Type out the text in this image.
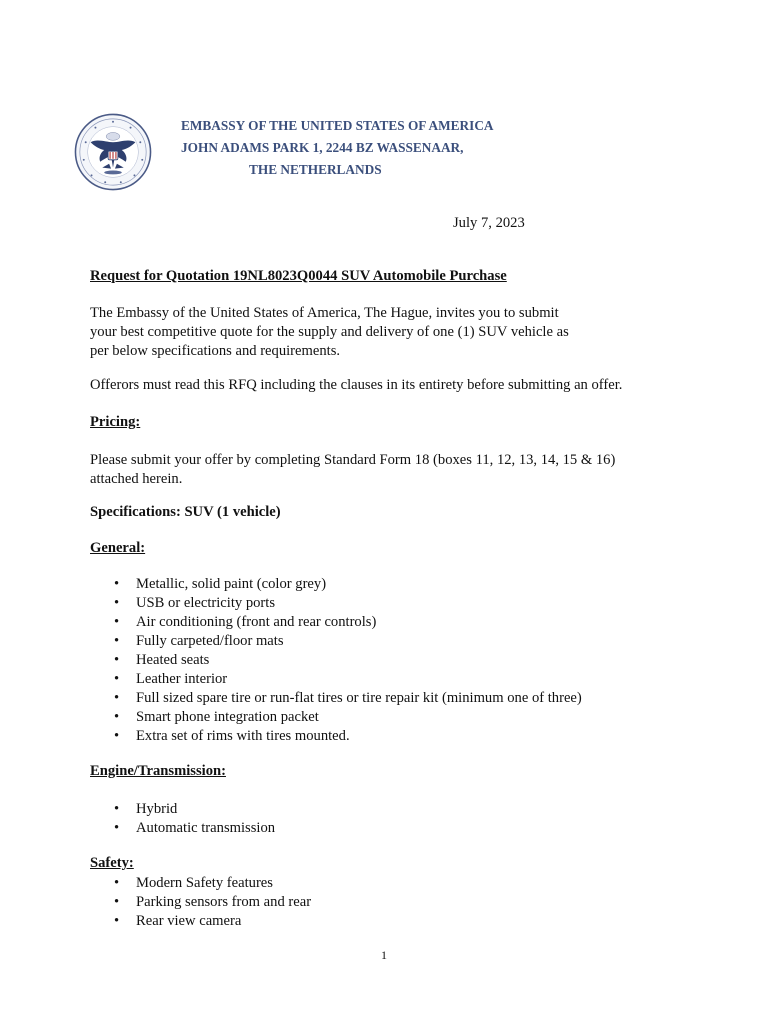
EMBASSY OF THE UNITED STATES OF AMERICA
JOHN ADAMS PARK 1, 2244 BZ WASSENAAR,
THE NETHERLANDS
July 7, 2023
Request for Quotation 19NL8023Q0044 SUV Automobile Purchase
The Embassy of the United States of America, The Hague, invites you to submit
your best competitive quote for the supply and delivery of one (1) SUV vehicle as
per below specifications and requirements.
Offerors must read this RFQ including the clauses in its entirety before submitting an offer.
Pricing:
Please submit your offer by completing Standard Form 18 (boxes 11, 12, 13, 14, 15 & 16)
attached herein.
Specifications: SUV (1 vehicle)
General:
• Metallic, solid paint (color grey)
• USB or electricity ports
• Air conditioning (front and rear controls)
• Fully carpeted/floor mats
• Heated seats
• Leather interior
• Full sized spare tire or run-flat tires or tire repair kit (minimum one of three)
• Smart phone integration packet
• Extra set of rims with tires mounted.
Engine/Transmission:
• Hybrid
• Automatic transmission
Safety:
• Modern Safety features
• Parking sensors from and rear
• Rear view camera
1
